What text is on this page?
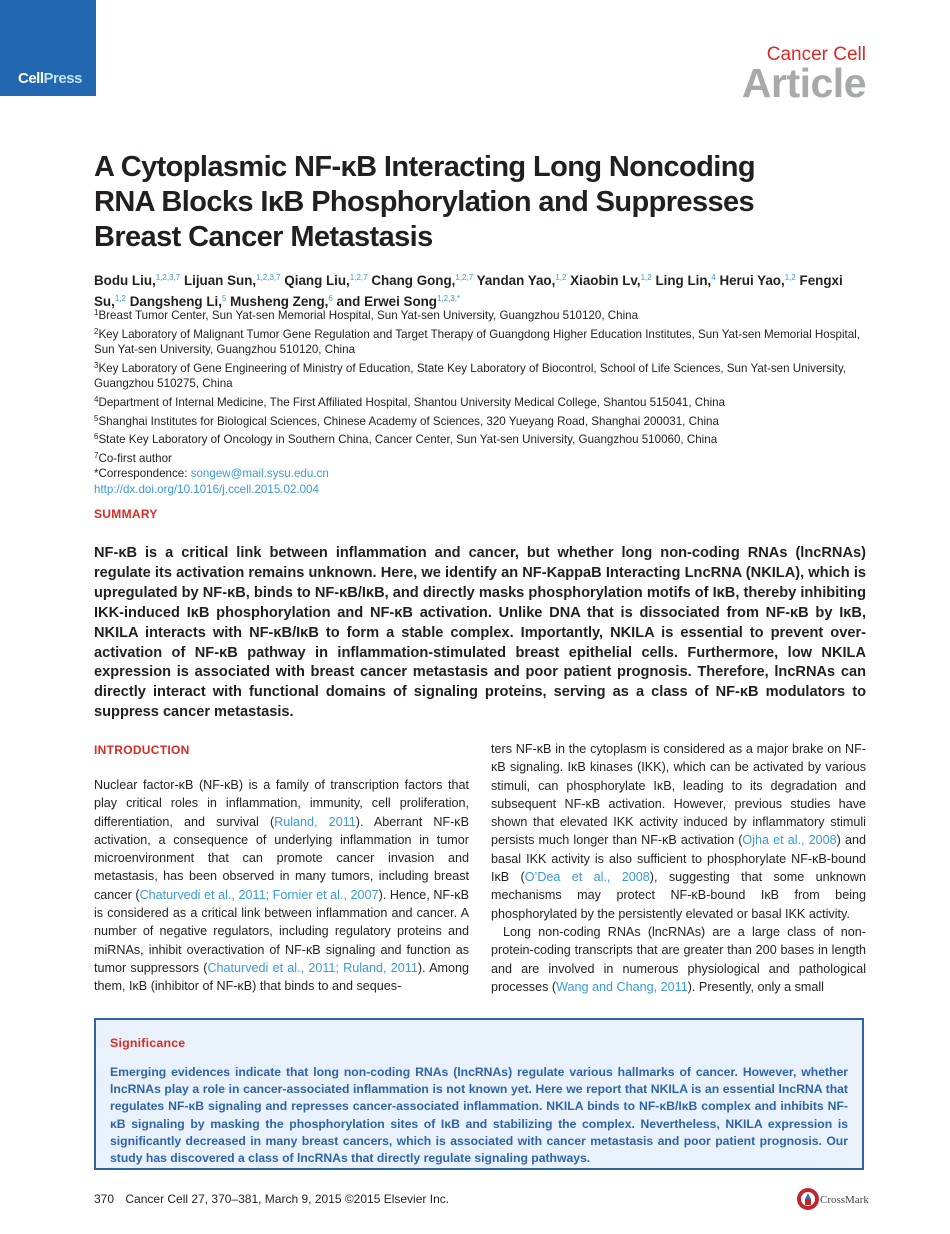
CellPress
Cancer Cell
Article
A Cytoplasmic NF-κB Interacting Long Noncoding RNA Blocks IκB Phosphorylation and Suppresses Breast Cancer Metastasis
Bodu Liu,$^{1,2,3,7}$ Lijuan Sun,$^{1,2,3,7}$ Qiang Liu,$^{1,2,7}$ Chang Gong,$^{1,2,7}$ Yandan Yao,$^{1,2}$ Xiaobin Lv,$^{1,2}$ Ling Lin,$^4$ Herui Yao,$^{1,2}$ Fengxi Su,$^{1,2}$ Dangsheng Li,$^5$ Musheng Zeng,$^6$ and Erwei Song$^{1,2,3,*}$

$^1$Breast Tumor Center, Sun Yat-sen Memorial Hospital, Sun Yat-sen University, Guangzhou 510120, China

$^2$Key Laboratory of Malignant Tumor Gene Regulation and Target Therapy of Guangdong Higher Education Institutes, Sun Yat-sen Memorial Hospital, Sun Yat-sen University, Guangzhou 510120, China

$^3$Key Laboratory of Gene Engineering of Ministry of Education, State Key Laboratory of Biocontrol, School of Life Sciences, Sun Yat-sen University, Guangzhou 510275, China

$^4$Department of Internal Medicine, The First Affiliated Hospital, Shantou University Medical College, Shantou 515041, China

$^5$Shanghai Institutes for Biological Sciences, Chinese Academy of Sciences, 320 Yueyang Road, Shanghai 200031, China

$^6$State Key Laboratory of Oncology in Southern China, Cancer Center, Sun Yat-sen University, Guangzhou 510060, China

$^7$Co-first author

*Correspondence: songew@mail.sysu.edu.cn

http://dx.doi.org/10.1016/j.ccell.2015.02.004

SUMMARY

NF-κB is a critical link between inflammation and cancer, but whether long non-coding RNAs (lncRNAs) regulate its activation remains unknown. Here, we identify an NF-KappaB Interacting LncRNA (NKILA), which is upregulated by NF-κB, binds to NF-κB/IκB, and directly masks phosphorylation motifs of IκB, thereby inhibiting IKK-induced IκB phosphorylation and NF-κB activation. Unlike DNA that is dissociated from NF-κB by IκB, NKILA interacts with NF-κB/IκB to form a stable complex. Importantly, NKILA is essential to prevent over-activation of NF-κB pathway in inflammation-stimulated breast epithelial cells. Furthermore, low NKILA expression is associated with breast cancer metastasis and poor patient prognosis. Therefore, lncRNAs can directly interact with functional domains of signaling proteins, serving as a class of NF-κB modulators to suppress cancer metastasis.

INTRODUCTION

Nuclear factor-κB (NF-κB) is a family of transcription factors that play critical roles in inflammation, immunity, cell proliferation, differentiation, and survival (Ruland, 2011). Aberrant NF-κB activation, a consequence of underlying inflammation in tumor microenvironment that can promote cancer invasion and metastasis, has been observed in many tumors, including breast cancer (Chaturvedi et al., 2011; Fornier et al., 2007). Hence, NF-κB is considered as a critical link between inflammation and cancer. A number of negative regulators, including regulatory proteins and miRNAs, inhibit overactivation of NF-κB signaling and function as tumor suppressors (Chaturvedi et al., 2011; Ruland, 2011). Among them, IκB (inhibitor of NF-κB) that binds to and seques-

ters NF-κB in the cytoplasm is considered as a major brake on NF-κB signaling. IκB kinases (IKK), which can be activated by various stimuli, can phosphorylate IκB, leading to its degradation and subsequent NF-κB activation. However, previous studies have shown that elevated IKK activity induced by inflammatory stimuli persists much longer than NF-κB activation (Ojha et al., 2008) and basal IKK activity is also sufficient to phosphorylate NF-κB-bound IκB (O’Dea et al., 2008), suggesting that some unknown mechanisms may protect NF-κB-bound IκB from being phosphorylated by the persistently elevated or basal IKK activity.

Long non-coding RNAs (lncRNAs) are a large class of non-protein-coding transcripts that are greater than 200 bases in length and are involved in numerous physiological and pathological processes (Wang and Chang, 2011). Presently, only a small

Significance

Emerging evidences indicate that long non-coding RNAs (lncRNAs) regulate various hallmarks of cancer. However, whether lncRNAs play a role in cancer-associated inflammation is not known yet. Here we report that NKILA is an essential lncRNA that regulates NF-κB signaling and represses cancer-associated inflammation. NKILA binds to NF-κB/IκB complex and inhibits NF-κB signaling by masking the phosphorylation sites of IκB and stabilizing the complex. Nevertheless, NKILA expression is significantly decreased in many breast cancers, which is associated with cancer metastasis and poor patient prognosis. Our study has discovered a class of lncRNAs that directly regulate signaling pathways.

370 Cancer Cell 27, 370–381, March 9, 2015 ©2015 Elsevier Inc.	CrossMark
